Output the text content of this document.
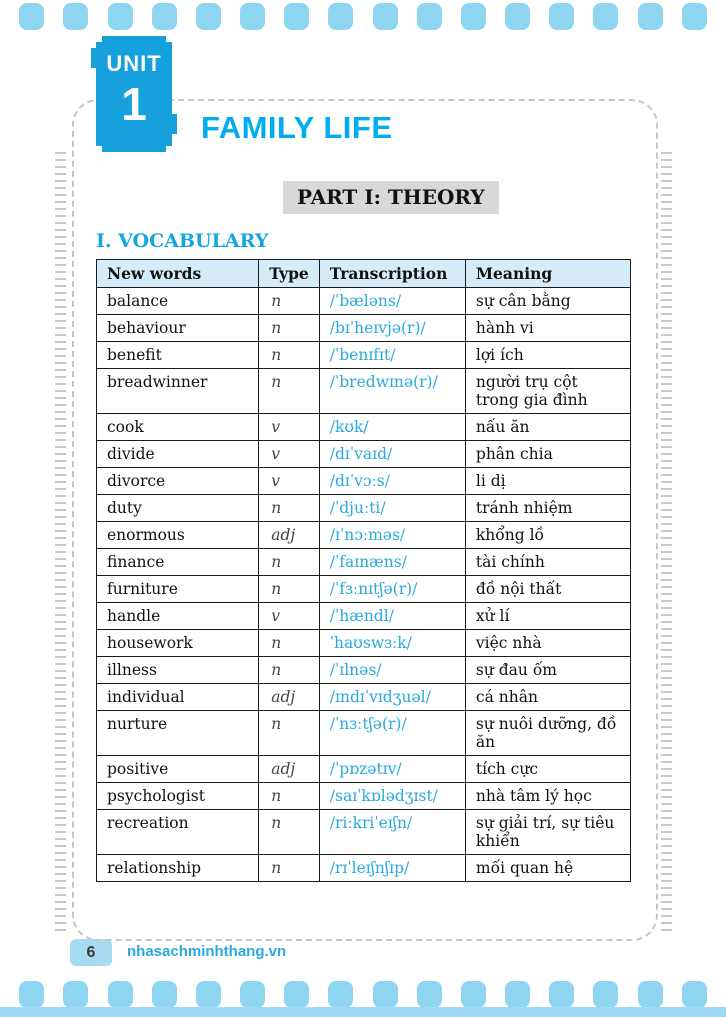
UNIT
1	FAMILY LIFE
PART I: THEORY
I. VOCABULARY
New words	Type	Transcription	Meaning
balance	n	/ˈbæləns/	sự cân bằng
behaviour	n	/bɪˈheɪvjə(r)/	hành vi
benefit	n	/ˈbenɪfɪt/	lợi ích
breadwinner	n	/ˈbredwɪnə(r)/	người trụ cột trong gia đình
cook	v	/kʊk/	nấu ăn
divide	v	/dɪˈvaɪd/	phân chia
divorce	v	/dɪˈvɔːs/	li dị
duty	n	/ˈdjuːti/	tránh nhiệm
enormous	adj	/ɪˈnɔːməs/	khổng lồ
finance	n	/ˈfaɪnæns/	tài chính
furniture	n	/ˈfɜːnɪtʃə(r)/	đồ nội thất
handle	v	/ˈhændl/	xử lí
housework	n	ˈhaʊswɜːk/	việc nhà
illness	n	/ˈɪlnəs/	sự đau ốm
individual	adj	/ɪndɪˈvɪdʒuəl/	cá nhân
nurture	n	/ˈnɜːtʃə(r)/	sự nuôi dưỡng, đồ ăn
positive	adj	/ˈpɒzətɪv/	tích cực
psychologist	n	/saɪˈkɒlədʒɪst/	nhà tâm lý học
recreation	n	/riːkriˈeɪʃn/	sự giải trí, sự tiêu khiển
relationship	n	/rɪˈleɪʃnʃɪp/	mối quan hệ
6	nhasachminhthang.vn
